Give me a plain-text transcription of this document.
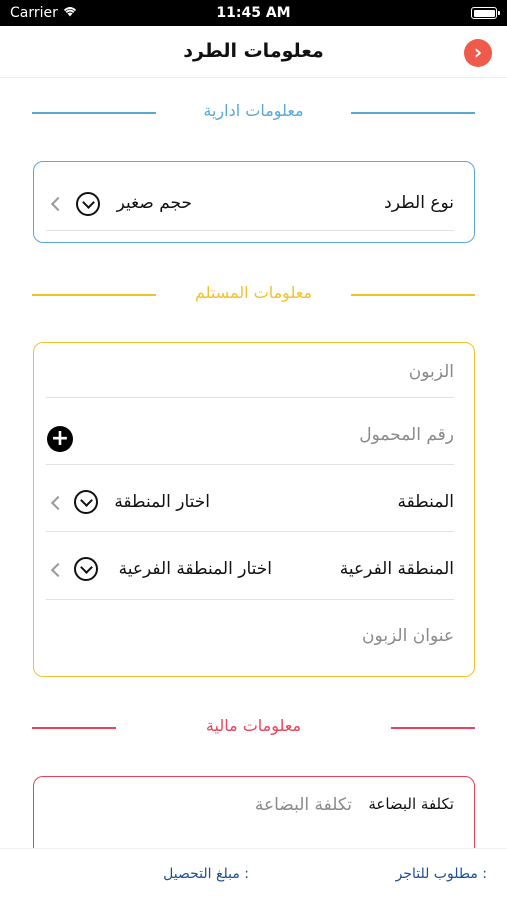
Carrier	11:45 AM
معلومات الطرد	›
معلومات ادارية
نوع الطرد
حجم صغير
معلومات المستلم
الزبون
رقم المحمول
+
المنطقة
اختار المنطقة
المنطقة الفرعية
اختار المنطقة الفرعية
عنوان الزبون
معلومات مالية
تكلفة البضاعة
تكلفة البضاعة
مطلوب للتاجر :
مبلغ التحصيل :
